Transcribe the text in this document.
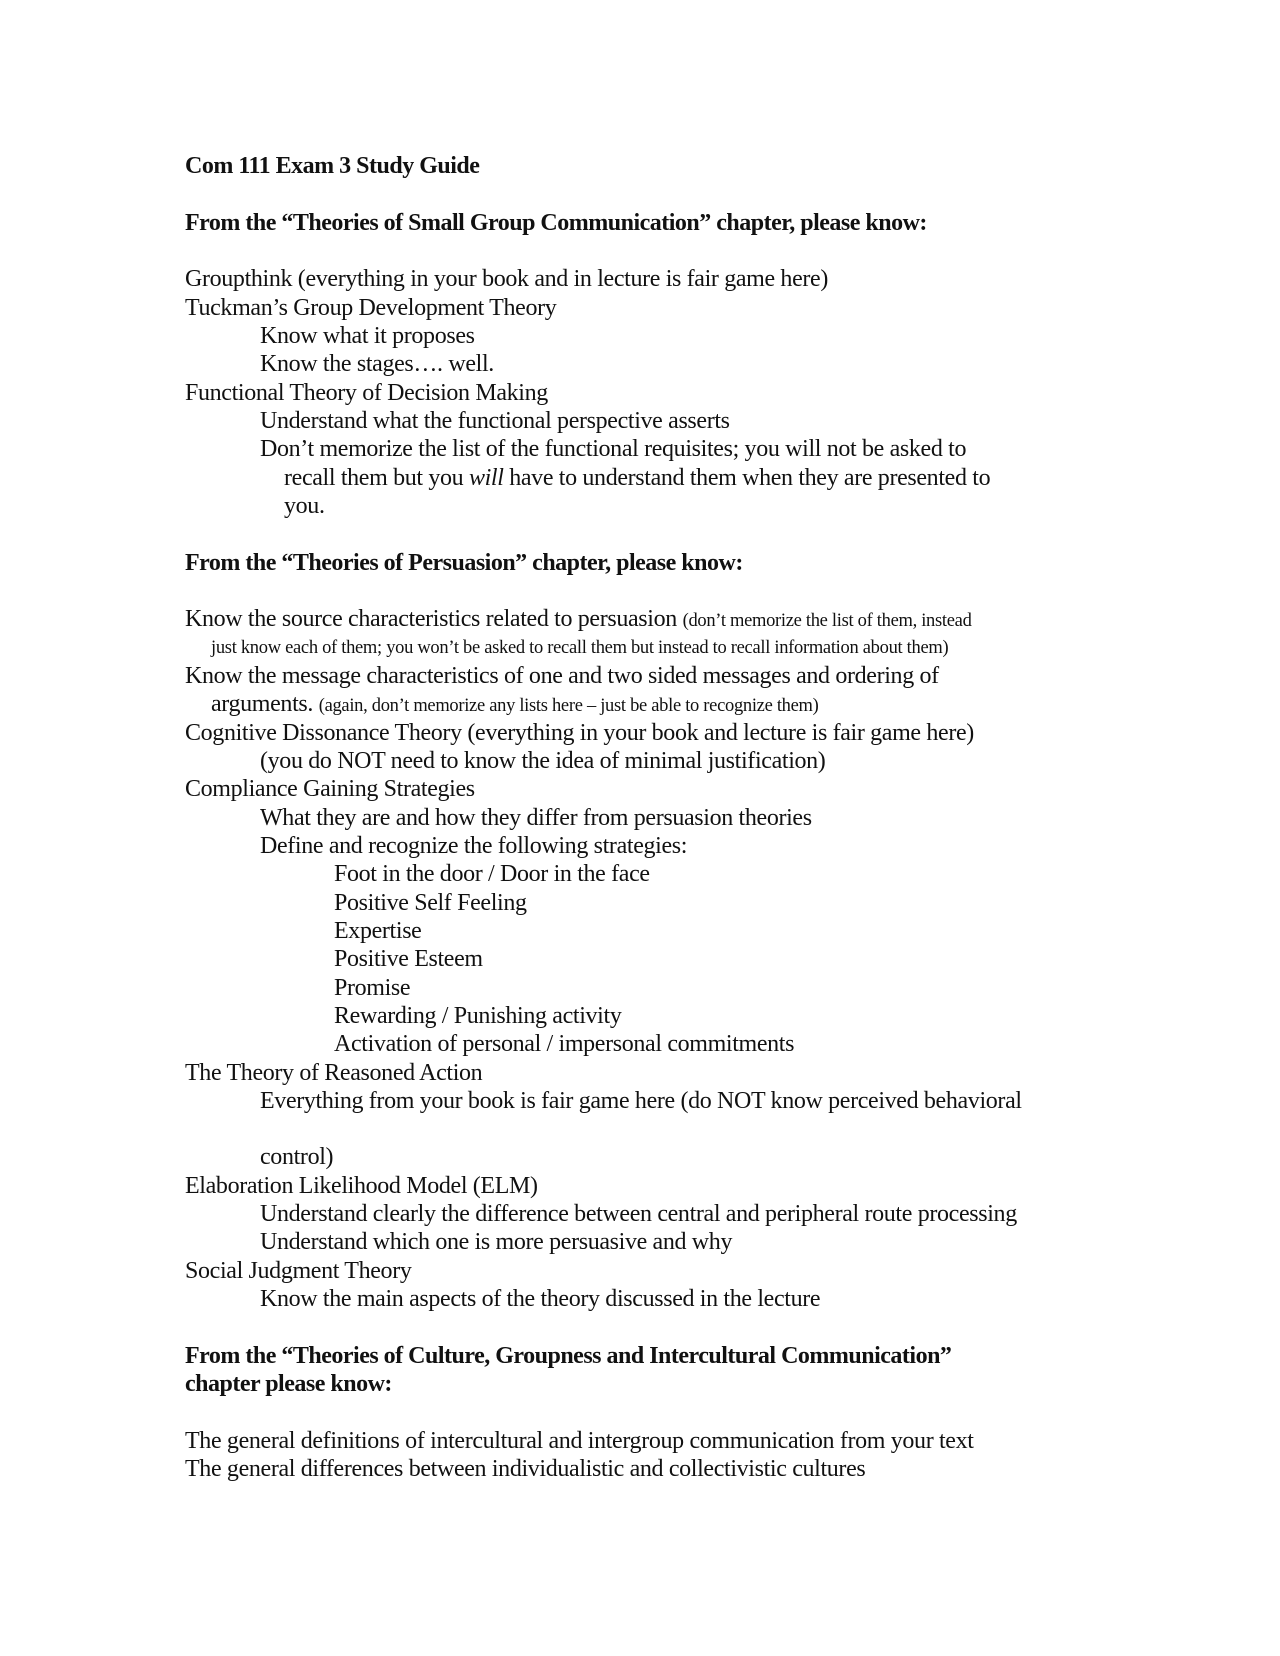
Com 111 Exam 3 Study Guide
From the “Theories of Small Group Communication” chapter, please know:
Groupthink (everything in your book and in lecture is fair game here)
Tuckman’s Group Development Theory
Know what it proposes
Know the stages…. well.
Functional Theory of Decision Making
Understand what the functional perspective asserts
Don’t memorize the list of the functional requisites; you will not be asked to
recall them but you will have to understand them when they are presented to
you.
From the “Theories of Persuasion” chapter, please know:
Know the source characteristics related to persuasion (don’t memorize the list of them, instead
just know each of them; you won’t be asked to recall them but instead to recall information about them)
Know the message characteristics of one and two sided messages and ordering of
arguments. (again, don’t memorize any lists here – just be able to recognize them)
Cognitive Dissonance Theory (everything in your book and lecture is fair game here)
(you do NOT need to know the idea of minimal justification)
Compliance Gaining Strategies
What they are and how they differ from persuasion theories
Define and recognize the following strategies:
Foot in the door / Door in the face
Positive Self Feeling
Expertise
Positive Esteem
Promise
Rewarding / Punishing activity
Activation of personal / impersonal commitments
The Theory of Reasoned Action
Everything from your book is fair game here (do NOT know perceived behavioral
control)
Elaboration Likelihood Model (ELM)
Understand clearly the difference between central and peripheral route processing
Understand which one is more persuasive and why
Social Judgment Theory
Know the main aspects of the theory discussed in the lecture
From the “Theories of Culture, Groupness and Intercultural Communication”
chapter please know:
The general definitions of intercultural and intergroup communication from your text
The general differences between individualistic and collectivistic cultures
